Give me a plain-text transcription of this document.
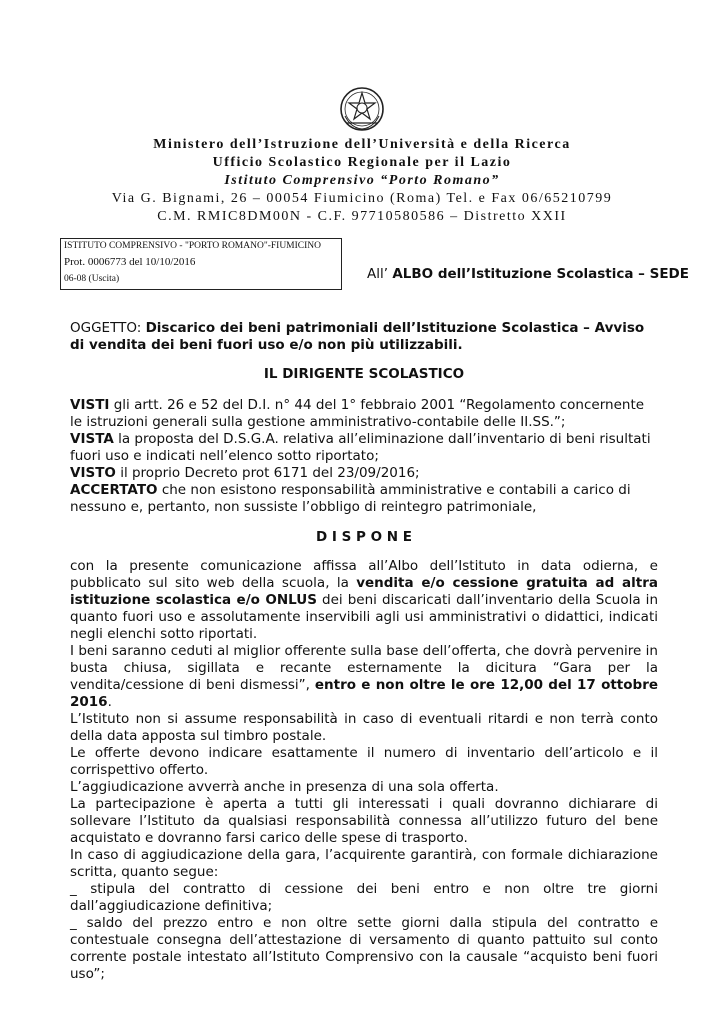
Ministero dell’Istruzione dell’Università e della Ricerca
Ufficio Scolastico Regionale per il Lazio
Istituto Comprensivo “Porto Romano”
Via G. Bignami, 26 – 00054 Fiumicino (Roma) Tel. e Fax 06/65210799
C.M. RMIC8DM00N - C.F. 97710580586 – Distretto XXII
ISTITUTO COMPRENSIVO - "PORTO ROMANO"-FIUMICINO
Prot. 0006773 del 10/10/2016
06-08 (Uscita)	All’ ALBO dell’Istituzione Scolastica – SEDE

OGGETTO: Discarico dei beni patrimoniali dell’Istituzione Scolastica – Avviso di vendita dei beni fuori uso e/o non più utilizzabili.

IL DIRIGENTE SCOLASTICO

VISTI gli artt. 26 e 52 del D.I. n° 44 del 1° febbraio 2001 “Regolamento concernente le istruzioni generali sulla gestione amministrativo-contabile delle II.SS.”;

VISTA la proposta del D.S.G.A. relativa all’eliminazione dall’inventario di beni risultati fuori uso e indicati nell’elenco sotto riportato;

VISTO il proprio Decreto prot 6171 del 23/09/2016;

ACCERTATO che non esistono responsabilità amministrative e contabili a carico di nessuno e, pertanto, non sussiste l’obbligo di reintegro patrimoniale,

D I S P O N E

con la presente comunicazione affissa all’Albo dell’Istituto in data odierna, e pubblicato sul sito web della scuola, la vendita e/o cessione gratuita ad altra istituzione scolastica e/o ONLUS dei beni discaricati dall’inventario della Scuola in quanto fuori uso e assolutamente inservibili agli usi amministrativi o didattici, indicati negli elenchi sotto riportati.

I beni saranno ceduti al miglior offerente sulla base dell’offerta, che dovrà pervenire in busta chiusa, sigillata e recante esternamente la dicitura “Gara per la vendita/cessione di beni dismessi”, entro e non oltre le ore 12,00 del 17 ottobre 2016.

L’Istituto non si assume responsabilità in caso di eventuali ritardi e non terrà conto della data apposta sul timbro postale.

Le offerte devono indicare esattamente il numero di inventario dell’articolo e il corrispettivo offerto.

L’aggiudicazione avverrà anche in presenza di una sola offerta.

La partecipazione è aperta a tutti gli interessati i quali dovranno dichiarare di sollevare l’Istituto da qualsiasi responsabilità connessa all’utilizzo futuro del bene acquistato e dovranno farsi carico delle spese di trasporto.

In caso di aggiudicazione della gara, l’acquirente garantirà, con formale dichiarazione scritta, quanto segue:

_ stipula del contratto di cessione dei beni entro e non oltre tre giorni dall’aggiudicazione definitiva;

_ saldo del prezzo entro e non oltre sette giorni dalla stipula del contratto e contestuale consegna dell’attestazione di versamento di quanto pattuito sul conto corrente postale intestato all’Istituto Comprensivo con la causale “acquisto beni fuori uso”;
